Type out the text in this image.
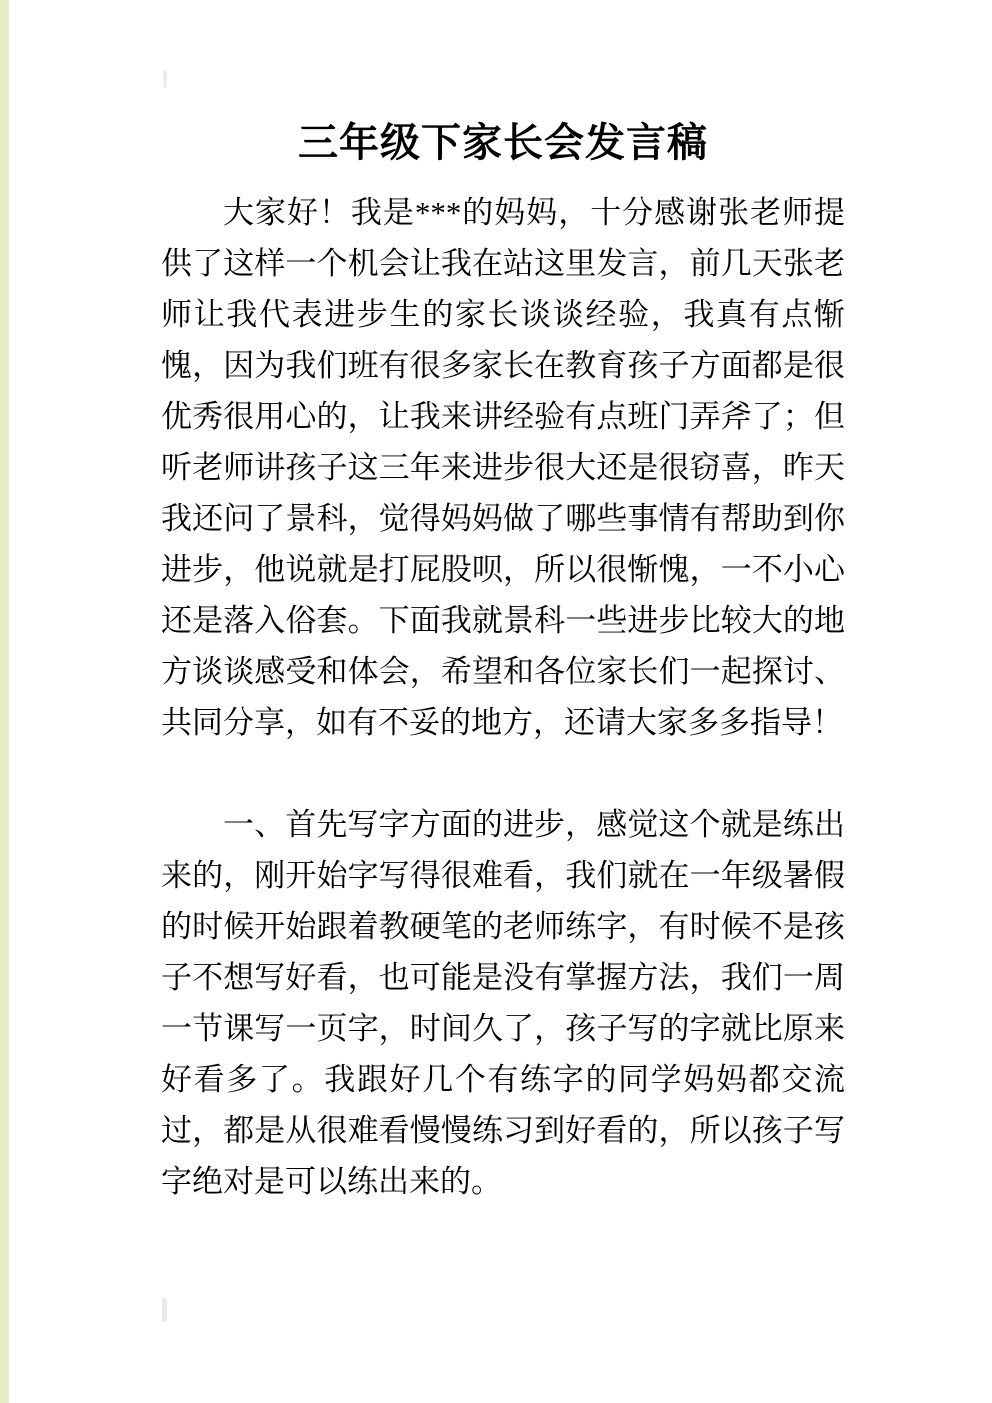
三年级下家长会发言稿

大家好！我是***的妈妈，十分感谢张老师提供了这样一个机会让我在站这里发言，前几天张老师让我代表进步生的家长谈谈经验，我真有点惭愧，因为我们班有很多家长在教育孩子方面都是很优秀很用心的，让我来讲经验有点班门弄斧了；但听老师讲孩子这三年来进步很大还是很窃喜，昨天我还问了景科，觉得妈妈做了哪些事情有帮助到你进步，他说就是打屁股呗，所以很惭愧，一不小心还是落入俗套。下面我就景科一些进步比较大的地方谈谈感受和体会，希望和各位家长们一起探讨、共同分享，如有不妥的地方，还请大家多多指导！

一、首先写字方面的进步，感觉这个就是练出来的，刚开始字写得很难看，我们就在一年级暑假的时候开始跟着教硬笔的老师练字，有时候不是孩子不想写好看，也可能是没有掌握方法，我们一周一节课写一页字，时间久了，孩子写的字就比原来好看多了。我跟好几个有练字的同学妈妈都交流过，都是从很难看慢慢练习到好看的，所以孩子写字绝对是可以练出来的。
